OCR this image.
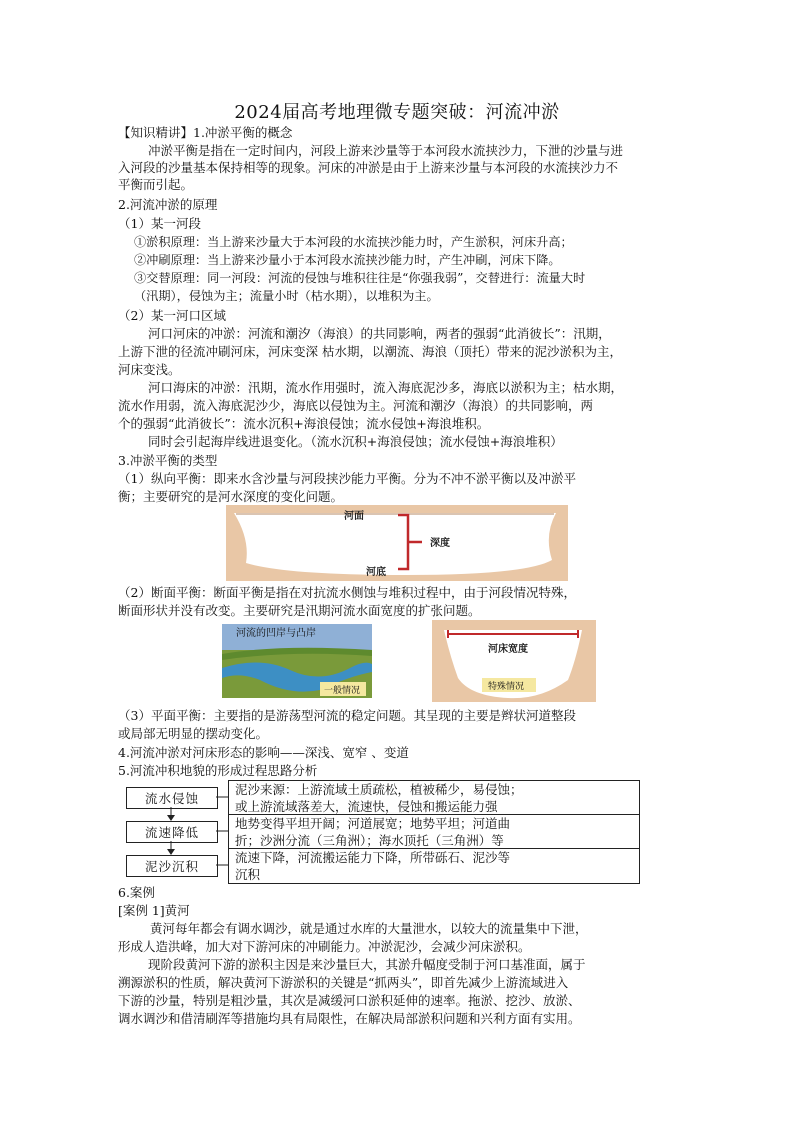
2024届高考地理微专题突破：河流冲淤
【知识精讲】1.冲淤平衡的概念
冲淤平衡是指在一定时间内，河段上游来沙量等于本河段水流挟沙力，下泄的沙量与进
入河段的沙量基本保持相等的现象。河床的冲淤是由于上游来沙量与本河段的水流挟沙力不
平衡而引起。
2.河流冲淤的原理
（1）某一河段
①淤积原理：当上游来沙量大于本河段的水流挟沙能力时，产生淤积，河床升高；
②冲刷原理：当上游来沙量小于本河段水流挟沙能力时，产生冲刷，河床下降。
③交替原理：同一河段：河流的侵蚀与堆积往往是“你强我弱”，交替进行：流量大时
（汛期），侵蚀为主；流量小时（枯水期），以堆积为主。
（2）某一河口区域
河口河床的冲淤：河流和潮汐（海浪）的共同影响，两者的强弱“此消彼长”：汛期，
上游下泄的径流冲刷河床，河床变深 枯水期，以潮流、海浪（顶托）带来的泥沙淤积为主，
河床变浅。
河口海床的冲淤：汛期，流水作用强时，流入海底泥沙多，海底以淤积为主；枯水期，
流水作用弱，流入海底泥沙少，海底以侵蚀为主。河流和潮汐（海浪）的共同影响，两
个的强弱“此消彼长”：流水沉积+海浪侵蚀；流水侵蚀+海浪堆积。
同时会引起海岸线进退变化。（流水沉积+海浪侵蚀；流水侵蚀+海浪堆积）
3.冲淤平衡的类型
（1）纵向平衡：即来水含沙量与河段挟沙能力平衡。分为不冲不淤平衡以及冲淤平
衡；主要研究的是河水深度的变化问题。
河面
深度
河底
（2）断面平衡：断面平衡是指在对抗流水侧蚀与堆积过程中，由于河段情况特殊，
断面形状并没有改变。主要研究是汛期河流水面宽度的扩张问题。
河流的凹岸与凸岸
一般情况
河床宽度
特殊情况
（3）平面平衡：主要指的是游荡型河流的稳定问题。其呈现的主要是辫状河道整段
或局部无明显的摆动变化。
4.河流冲淤对河床形态的影响——深浅、宽窄 、变道
5.河流冲积地貌的形成过程思路分析
流水侵蚀
流速降低
泥沙沉积
泥沙来源：上游流域土质疏松，植被稀少，易侵蚀；
或上游流域落差大，流速快，侵蚀和搬运能力强
地势变得平坦开阔；河道展宽；地势平坦；河道曲
折；沙洲分流（三角洲）；海水顶托（三角洲）等
流速下降，河流搬运能力下降，所带砾石、泥沙等
沉积
6.案例
[案例 1]黄河
黄河每年都会有调水调沙，就是通过水库的大量泄水，以较大的流量集中下泄，
形成人造洪峰，加大对下游河床的冲刷能力。冲淤泥沙，会减少河床淤积。
现阶段黄河下游的淤积主因是来沙量巨大，其淤升幅度受制于河口基准面，属于
溯源淤积的性质，解决黄河下游淤积的关键是“抓两头”，即首先减少上游流域进入
下游的沙量，特别是粗沙量，其次是减缓河口淤积延伸的速率。拖淤、挖沙、放淤、
调水调沙和借清刷浑等措施均具有局限性，在解决局部淤积问题和兴利方面有实用。
